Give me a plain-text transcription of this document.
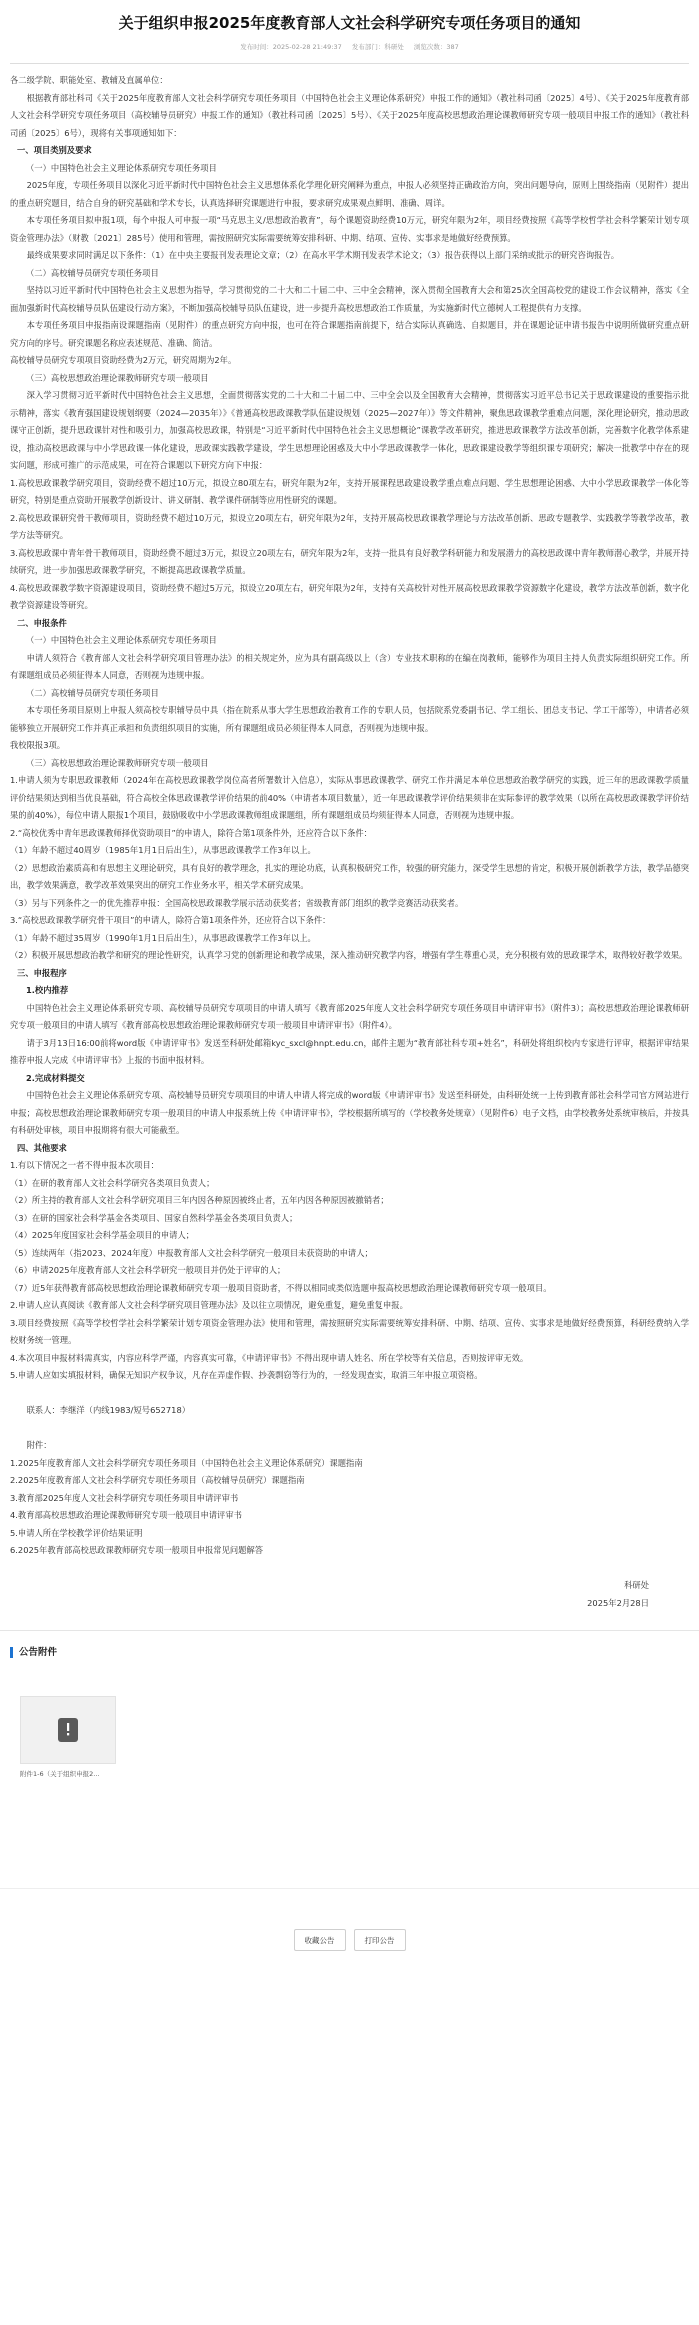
关于组织申报2025年度教育部人文社会科学研究专项任务项目的通知
发布时间：2025-02-28 21:49:37 发布部门：科研处 浏览次数：387

各二级学院、职能处室、教辅及直属单位：

根据教育部社科司《关于2025年度教育部人文社会科学研究专项任务项目（中国特色社会主义理论体系研究）申报工作的通知》（教社科司函〔2025〕4号）、《关于2025年度教育部人文社会科学研究专项任务项目（高校辅导员研究）申报工作的通知》（教社科司函〔2025〕5号）、《关于2025年度高校思想政治理论课教师研究专项一般项目申报工作的通知》（教社科司函〔2025〕6号），现将有关事项通知如下：

一、项目类别及要求

（一）中国特色社会主义理论体系研究专项任务项目

2025年度，专项任务项目以深化习近平新时代中国特色社会主义思想体系化学理化研究阐释为重点，申报人必须坚持正确政治方向，突出问题导向，原则上围绕指南（见附件）提出的重点研究题目，结合自身的研究基础和学术专长，认真选择研究课题进行申报，要求研究成果观点鲜明、准确、周详。

本专项任务项目拟申报1项，每个申报人可申报一项“马克思主义/思想政治教育”，每个课题资助经费10万元，研究年限为2年，项目经费按照《高等学校哲学社会科学繁荣计划专项资金管理办法》（财教〔2021〕285号）使用和管理，需按照研究实际需要统筹安排科研、中期、结项、宣传、实事求是地做好经费预算。

最终成果要求同时满足以下条件：（1）在中央主要报刊发表理论文章；（2）在高水平学术期刊发表学术论文；（3）报告获得以上部门采纳或批示的研究咨询报告。

（二）高校辅导员研究专项任务项目

坚持以习近平新时代中国特色社会主义思想为指导，学习贯彻党的二十大和二十届二中、三中全会精神，深入贯彻全国教育大会和第25次全国高校党的建设工作会议精神，落实《全面加强新时代高校辅导员队伍建设行动方案》，不断加强高校辅导员队伍建设，进一步提升高校思想政治工作质量，为实施新时代立德树人工程提供有力支撑。

本专项任务项目申报指南设课题指南（见附件）的重点研究方向申报，也可在符合课题指南前提下，结合实际认真确选、自拟题目，并在课题论证申请书报告中说明所做研究重点研究方向的序号。研究课题名称应表述规范、准确、简洁。

高校辅导员研究专项项目资助经费为2万元，研究周期为2年。

（三）高校思想政治理论课教师研究专项一般项目

深入学习贯彻习近平新时代中国特色社会主义思想，全面贯彻落实党的二十大和二十届二中、三中全会以及全国教育大会精神，贯彻落实习近平总书记关于思政课建设的重要指示批示精神，落实《教育强国建设规划纲要（2024—2035年）》《普通高校思政课教学队伍建设规划（2025—2027年）》等文件精神，聚焦思政课教学重难点问题，深化理论研究，推动思政课守正创新，提升思政课针对性和吸引力，加强高校思政课，特别是“习近平新时代中国特色社会主义思想概论”课教学改革研究，推进思政课教学方法改革创新，完善数字化教学体系建设，推动高校思政课与中小学思政课一体化建设，思政课实践教学建设，学生思想理论困惑及大中小学思政课教学一体化，思政课建设教学等组织课专项研究；解决一批教学中存在的现实问题，形成可推广的示范成果，可在符合课题以下研究方向下申报：

1.高校思政课教学研究项目，资助经费不超过10万元，拟设立80项左右，研究年限为2年，支持开展课程思政建设教学重点难点问题、学生思想理论困惑、大中小学思政课教学一体化等研究，特别是重点资助开展教学创新设计、讲义研制、教学课件研制等应用性研究的课题。

2.高校思政课研究骨干教师项目，资助经费不超过10万元，拟设立20项左右，研究年限为2年，支持开展高校思政课教学理论与方法改革创新、思政专题教学、实践教学等教学改革，教学方法等研究。

3.高校思政课中青年骨干教师项目，资助经费不超过3万元，拟设立20项左右，研究年限为2年，支持一批具有良好教学科研能力和发展潜力的高校思政课中青年教师潜心教学，并展开持续研究，进一步加强思政课教学研究，不断提高思政课教学质量。

4.高校思政课教学数字资源建设项目，资助经费不超过5万元，拟设立20项左右，研究年限为2年，支持有关高校针对性开展高校思政课教学资源数字化建设，教学方法改革创新，数字化教学资源建设等研究。

二、申报条件

（一）中国特色社会主义理论体系研究专项任务项目

申请人须符合《教育部人文社会科学研究项目管理办法》的相关规定外，应为具有副高级以上（含）专业技术职称的在编在岗教师，能够作为项目主持人负责实际组织研究工作。所有课题组成员必须征得本人同意，否则视为违规申报。

（二）高校辅导员研究专项任务项目

本专项任务项目原则上申报人须高校专职辅导员中具（指在院系从事大学生思想政治教育工作的专职人员，包括院系党委副书记、学工组长、团总支书记、学工干部等），申请者必须能够独立开展研究工作并真正承担和负责组织项目的实施，所有课题组成员必须征得本人同意，否则视为违规申报。

我校限报3项。

（三）高校思想政治理论课教师研究专项一般项目

1.申请人须为专职思政课教师（2024年在高校思政课教学岗位高者所署数计入信息），实际从事思政课教学、研究工作并满足本单位思想政治教学研究的实践，近三年的思政课教学质量评价结果须达到相当优良基础，符合高校全体思政课教学评价结果的前40%（申请者本项目数量），近一年思政课教学评价结果须非在实际参评的教学效果（以所在高校思政课教学评价结果的前40%），每位申请人限报1个项目，鼓励吸收中小学思政课教师组成课题组，所有课题组成员均须征得本人同意，否则视为违规申报。

2.“高校优秀中青年思政课教师择优资助项目”的申请人，除符合第1项条件外，还应符合以下条件：

（1）年龄不超过40周岁（1985年1月1日后出生），从事思政课教学工作3年以上。

（2）思想政治素质高和有思想主义理论研究，具有良好的教学理念，扎实的理论功底，认真积极研究工作，较强的研究能力，深受学生思想的肯定，积极开展创新教学方法，教学品德突出，教学效果满意，教学改革效果突出的研究工作业务水平，相关学术研究成果。

（3）另与下列条件之一的优先推荐申报：全国高校思政课教学展示活动获奖者；省级教育部门组织的教学竞赛活动获奖者。

3.“高校思政课教学研究骨干项目”的申请人，除符合第1项条件外，还应符合以下条件：

（1）年龄不超过35周岁（1990年1月1日后出生），从事思政课教学工作3年以上。

（2）积极开展思想政治教学和研究的理论性研究，认真学习党的创新理论和教学成果，深入推动研究教学内容，增强有学生尊重心灵，充分积极有效的思政课学术，取得较好教学效果。

三、申报程序

1.校内推荐

中国特色社会主义理论体系研究专项、高校辅导员研究专项项目的申请人填写《教育部2025年度人文社会科学研究专项任务项目申请评审书》（附件3）；高校思想政治理论课教师研究专项一般项目的申请人填写《教育部高校思想政治理论课教师研究专项一般项目申请评审书》（附件4）。

请于3月13日16:00前将word版《申请评审书》发送至科研处邮箱kyc_sxcl@hnpt.edu.cn，邮件主题为“教育部社科专项+姓名”，科研处将组织校内专家进行评审，根据评审结果推荐申报人完成《申请评审书》上报的书面申报材料。

2.完成材料提交

中国特色社会主义理论体系研究专项、高校辅导员研究专项项目的申请人申请人将完成的word版《申请评审书》发送至科研处，由科研处统一上传到教育部社会科学司官方网站进行申报；高校思想政治理论课教师研究专项一般项目的申请人申报系统上传《申请评审书》，学校根据所填写的（学校教务处规章）（见附件6）电子文档，由学校教务处系统审核后，并按具有科研处审核，项目申报期将有很大可能截至。

四、其他要求

1.有以下情况之一者不得申报本次项目：

（1）在研的教育部人文社会科学研究各类项目负责人；

（2）所主持的教育部人文社会科学研究项目三年内因各种原因被终止者，五年内因各种原因被撤销者；

（3）在研的国家社会科学基金各类项目、国家自然科学基金各类项目负责人；

（4）2025年度国家社会科学基金项目的申请人；

（5）连续两年（指2023、2024年度）申报教育部人文社会科学研究一般项目未获资助的申请人；

（6）申请2025年度教育部人文社会科学研究一般项目并仍处于评审的人；

（7）近5年获得教育部高校思想政治理论课教师研究专项一般项目资助者，不得以相同或类似选题申报高校思想政治理论课教师研究专项一般项目。

2.申请人应认真阅读《教育部人文社会科学研究项目管理办法》及以往立项情况，避免重复，避免重复申报。

3.项目经费按照《高等学校哲学社会科学繁荣计划专项资金管理办法》使用和管理，需按照研究实际需要统筹安排科研、中期、结项、宣传、实事求是地做好经费预算，科研经费纳入学校财务统一管理。

4.本次项目申报材料需真实，内容应科学严谨，内容真实可靠，《申请评审书》不得出现申请人姓名、所在学校等有关信息，否则按评审无效。

5.申请人应如实填报材料，确保无知识产权争议，凡存在弄虚作假、抄袭剽窃等行为的，一经发现查实，取消三年申报立项资格。

联系人：李继洋（内线1983/短号652718）

附件：

1.2025年度教育部人文社会科学研究专项任务项目（中国特色社会主义理论体系研究）课题指南

2.2025年度教育部人文社会科学研究专项任务项目（高校辅导员研究）课题指南

3.教育部2025年度人文社会科学研究专项任务项目申请评审书

4.教育部高校思想政治理论课教师研究专项一般项目申请评审书

5.申请人所在学校教学评价结果证明

6.2025年教育部高校思政课教师研究专项一般项目申报常见问题解答

科研处

2025年2月28日

公告附件
附件1-6（关于组织申报2...
收藏公告	打印公告
